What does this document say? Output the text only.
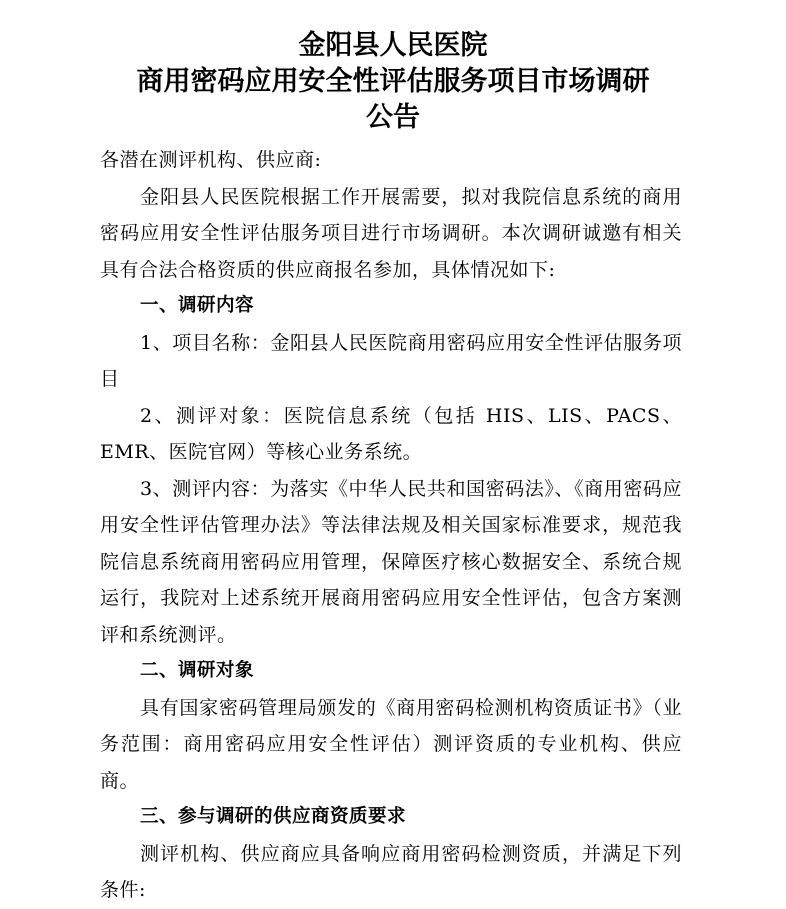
金阳县人民医院

商用密码应用安全性评估服务项目市场调研

公告

各潜在测评机构、供应商:

金阳县人民医院根据工作开展需要，拟对我院信息系统的商用密码应用安全性评估服务项目进行市场调研。本次调研诚邀有相关具有合法合格资质的供应商报名参加，具体情况如下:

一、调研内容

1、项目名称：金阳县人民医院商用密码应用安全性评估服务项目

2、测评对象：医院信息系统（包括 HIS、LIS、PACS、EMR、医院官网）等核心业务系统。

3、测评内容：为落实《中华人民共和国密码法》、《商用密码应用安全性评估管理办法》等法律法规及相关国家标准要求，规范我院信息系统商用密码应用管理，保障医疗核心数据安全、系统合规运行，我院对上述系统开展商用密码应用安全性评估，包含方案测评和系统测评。

二、调研对象

具有国家密码管理局颁发的《商用密码检测机构资质证书》（业务范围：商用密码应用安全性评估）测评资质的专业机构、供应商。

三、参与调研的供应商资质要求

测评机构、供应商应具备响应商用密码检测资质，并满足下列条件:
